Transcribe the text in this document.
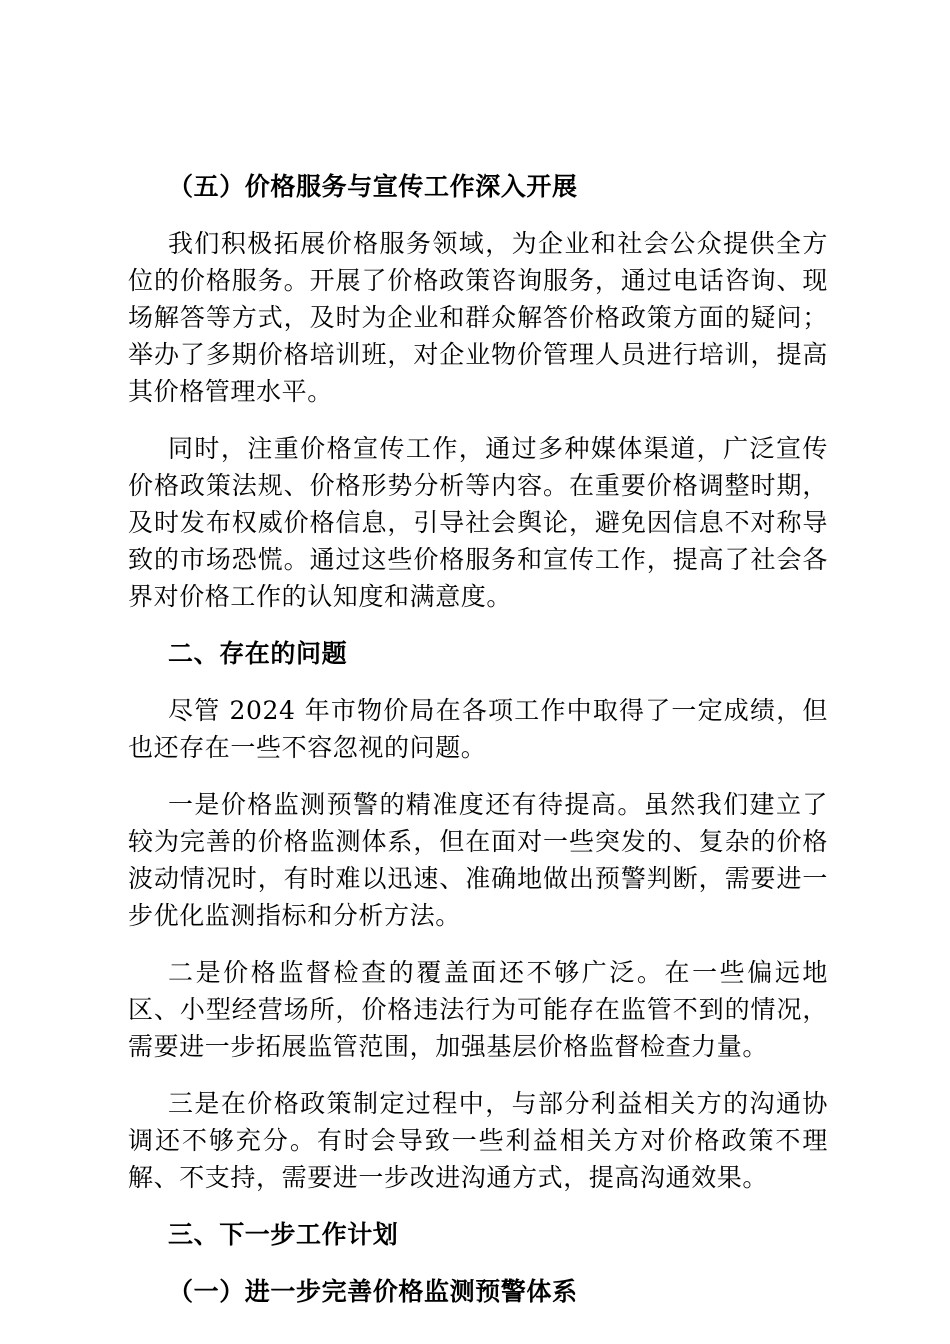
（五）价格服务与宣传工作深入开展

我们积极拓展价格服务领域，为企业和社会公众提供全方位的价格服务。开展了价格政策咨询服务，通过电话咨询、现场解答等方式，及时为企业和群众解答价格政策方面的疑问；举办了多期价格培训班，对企业物价管理人员进行培训，提高其价格管理水平。

同时，注重价格宣传工作，通过多种媒体渠道，广泛宣传价格政策法规、价格形势分析等内容。在重要价格调整时期，及时发布权威价格信息，引导社会舆论，避免因信息不对称导致的市场恐慌。通过这些价格服务和宣传工作，提高了社会各界对价格工作的认知度和满意度。

二、存在的问题

尽管 2024 年市物价局在各项工作中取得了一定成绩，但也还存在一些不容忽视的问题。

一是价格监测预警的精准度还有待提高。虽然我们建立了较为完善的价格监测体系，但在面对一些突发的、复杂的价格波动情况时，有时难以迅速、准确地做出预警判断，需要进一步优化监测指标和分析方法。

二是价格监督检查的覆盖面还不够广泛。在一些偏远地区、小型经营场所，价格违法行为可能存在监管不到的情况，需要进一步拓展监管范围，加强基层价格监督检查力量。

三是在价格政策制定过程中，与部分利益相关方的沟通协调还不够充分。有时会导致一些利益相关方对价格政策不理解、不支持，需要进一步改进沟通方式，提高沟通效果。

三、下一步工作计划
（一）进一步完善价格监测预警体系
